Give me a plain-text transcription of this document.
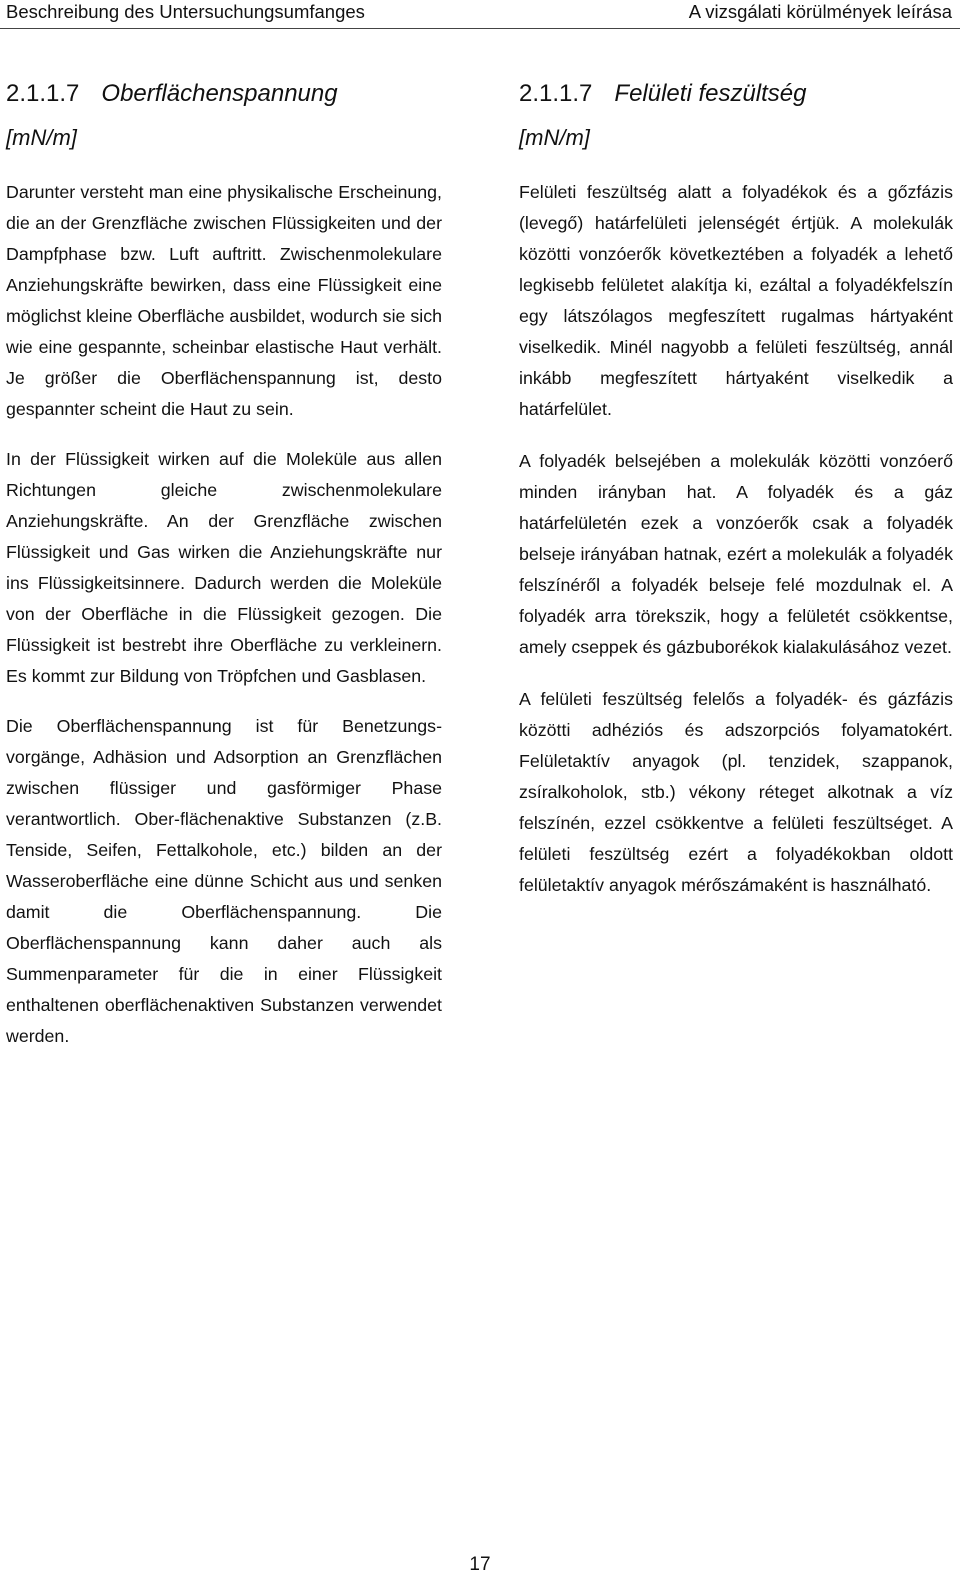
Beschreibung des Untersuchungsumfanges	A vizsgálati körülmények leírása
2.1.1.7 Oberflächenspannung

[mN/m]

Darunter versteht man eine physikalische Erscheinung, die an der Grenzfläche zwischen Flüssigkeiten und der Dampfphase bzw. Luft auftritt. Zwischenmolekulare Anziehungskräfte bewirken, dass eine Flüssigkeit eine möglichst kleine Oberfläche ausbildet, wodurch sie sich wie eine gespannte, scheinbar elastische Haut verhält. Je größer die Oberflächenspannung ist, desto gespannter scheint die Haut zu sein.

In der Flüssigkeit wirken auf die Moleküle aus allen Richtungen gleiche zwischenmolekulare Anziehungskräfte. An der Grenzfläche zwischen Flüssigkeit und Gas wirken die Anziehungskräfte nur ins Flüssigkeitsinnere. Dadurch werden die Moleküle von der Oberfläche in die Flüssigkeit gezogen. Die Flüssigkeit ist bestrebt ihre Oberfläche zu verkleinern. Es kommt zur Bildung von Tröpfchen und Gasblasen.

Die Oberflächenspannung ist für Benetzungs-vorgänge, Adhäsion und Adsorption an Grenzflächen zwischen flüssiger und gasförmiger Phase verantwortlich. Ober-flächenaktive Substanzen (z.B. Tenside, Seifen, Fettalkohole, etc.) bilden an der Wasseroberfläche eine dünne Schicht aus und senken damit die Oberflächenspannung. Die Oberflächenspannung kann daher auch als Summenparameter für die in einer Flüssigkeit enthaltenen oberflächenaktiven Substanzen verwendet werden.

2.1.1.7 Felületi feszültség

[mN/m]

Felületi feszültség alatt a folyadékok és a gőzfázis (levegő) határfelületi jelenségét értjük. A molekulák közötti vonzóerők következtében a folyadék a lehető legkisebb felületet alakítja ki, ezáltal a folyadékfelszín egy látszólagos megfeszített rugalmas hártyaként viselkedik. Minél nagyobb a felületi feszültség, annál inkább megfeszített hártyaként viselkedik a határfelület.

A folyadék belsejében a molekulák közötti vonzóerő minden irányban hat. A folyadék és a gáz határfelületén ezek a vonzóerők csak a folyadék belseje irányában hatnak, ezért a molekulák a folyadék felszínéről a folyadék belseje felé mozdulnak el. A folyadék arra törekszik, hogy a felületét csökkentse, amely cseppek és gázbuborékok kialakulásához vezet.

A felületi feszültség felelős a folyadék- és gázfázis közötti adhéziós és adszorpciós folyamatokért. Felületaktív anyagok (pl. tenzidek, szappanok, zsíralkoholok, stb.) vékony réteget alkotnak a víz felszínén, ezzel csökkentve a felületi feszültséget. A felületi feszültség ezért a folyadékokban oldott felületaktív anyagok mérőszámaként is használható.

17
